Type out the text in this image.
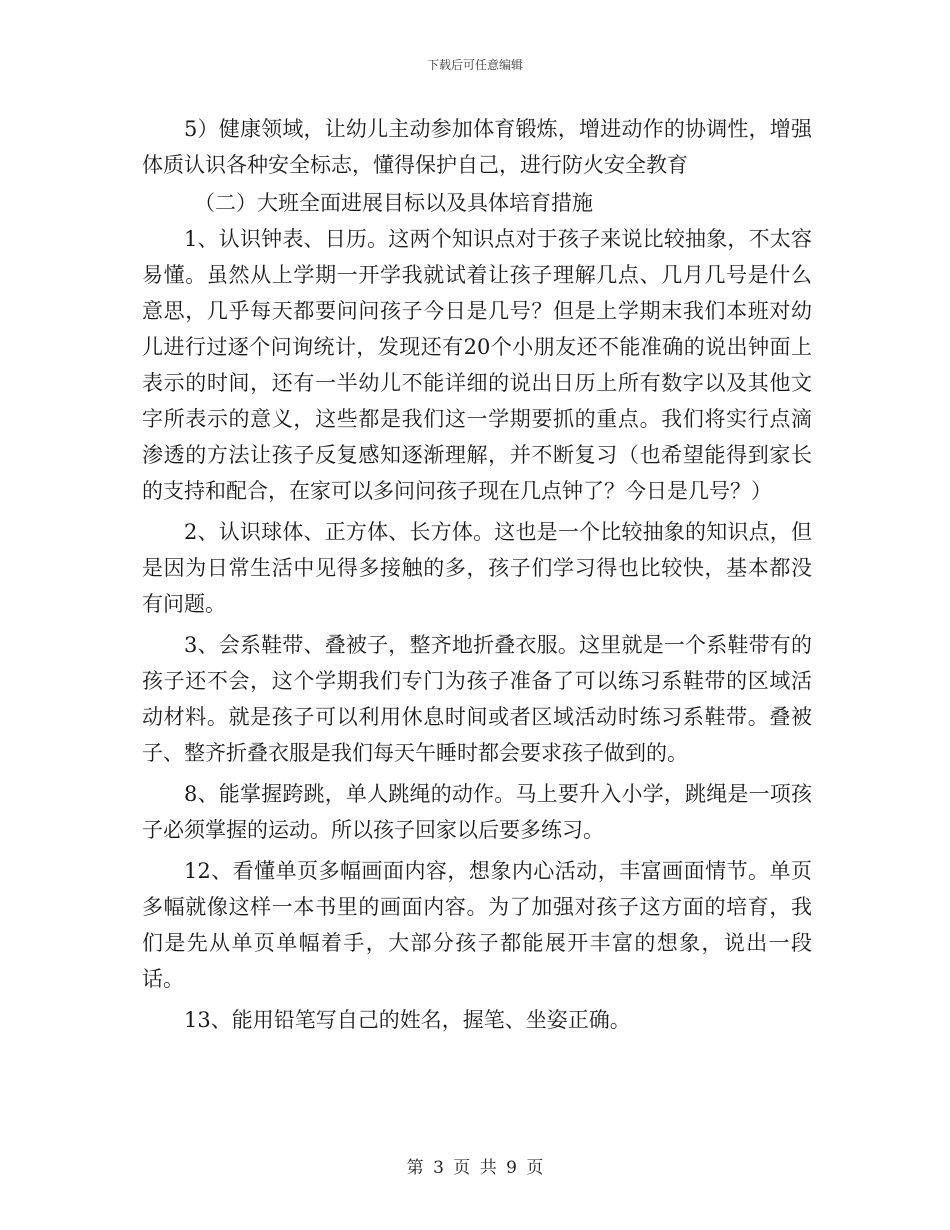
下载后可任意编辑

5）健康领域，让幼儿主动参加体育锻炼，增进动作的协调性，增强体质认识各种安全标志，懂得保护自己，进行防火安全教育

（二）大班全面进展目标以及具体培育措施

1、认识钟表、日历。这两个知识点对于孩子来说比较抽象，不太容易懂。虽然从上学期一开学我就试着让孩子理解几点、几月几号是什么意思，几乎每天都要问问孩子今日是几号？但是上学期末我们本班对幼儿进行过逐个问询统计，发现还有20个小朋友还不能准确的说出钟面上表示的时间，还有一半幼儿不能详细的说出日历上所有数字以及其他文字所表示的意义，这些都是我们这一学期要抓的重点。我们将实行点滴渗透的方法让孩子反复感知逐渐理解，并不断复习（也希望能得到家长的支持和配合，在家可以多问问孩子现在几点钟了？今日是几号？）

2、认识球体、正方体、长方体。这也是一个比较抽象的知识点，但是因为日常生活中见得多接触的多，孩子们学习得也比较快，基本都没有问题。

3、会系鞋带、叠被子，整齐地折叠衣服。这里就是一个系鞋带有的孩子还不会，这个学期我们专门为孩子准备了可以练习系鞋带的区域活动材料。就是孩子可以利用休息时间或者区域活动时练习系鞋带。叠被子、整齐折叠衣服是我们每天午睡时都会要求孩子做到的。

8、能掌握跨跳，单人跳绳的动作。马上要升入小学，跳绳是一项孩子必须掌握的运动。所以孩子回家以后要多练习。

12、看懂单页多幅画面内容，想象内心活动，丰富画面情节。单页多幅就像这样一本书里的画面内容。为了加强对孩子这方面的培育，我们是先从单页单幅着手，大部分孩子都能展开丰富的想象，说出一段话。

13、能用铅笔写自己的姓名，握笔、坐姿正确。

第 3 页 共 9 页
